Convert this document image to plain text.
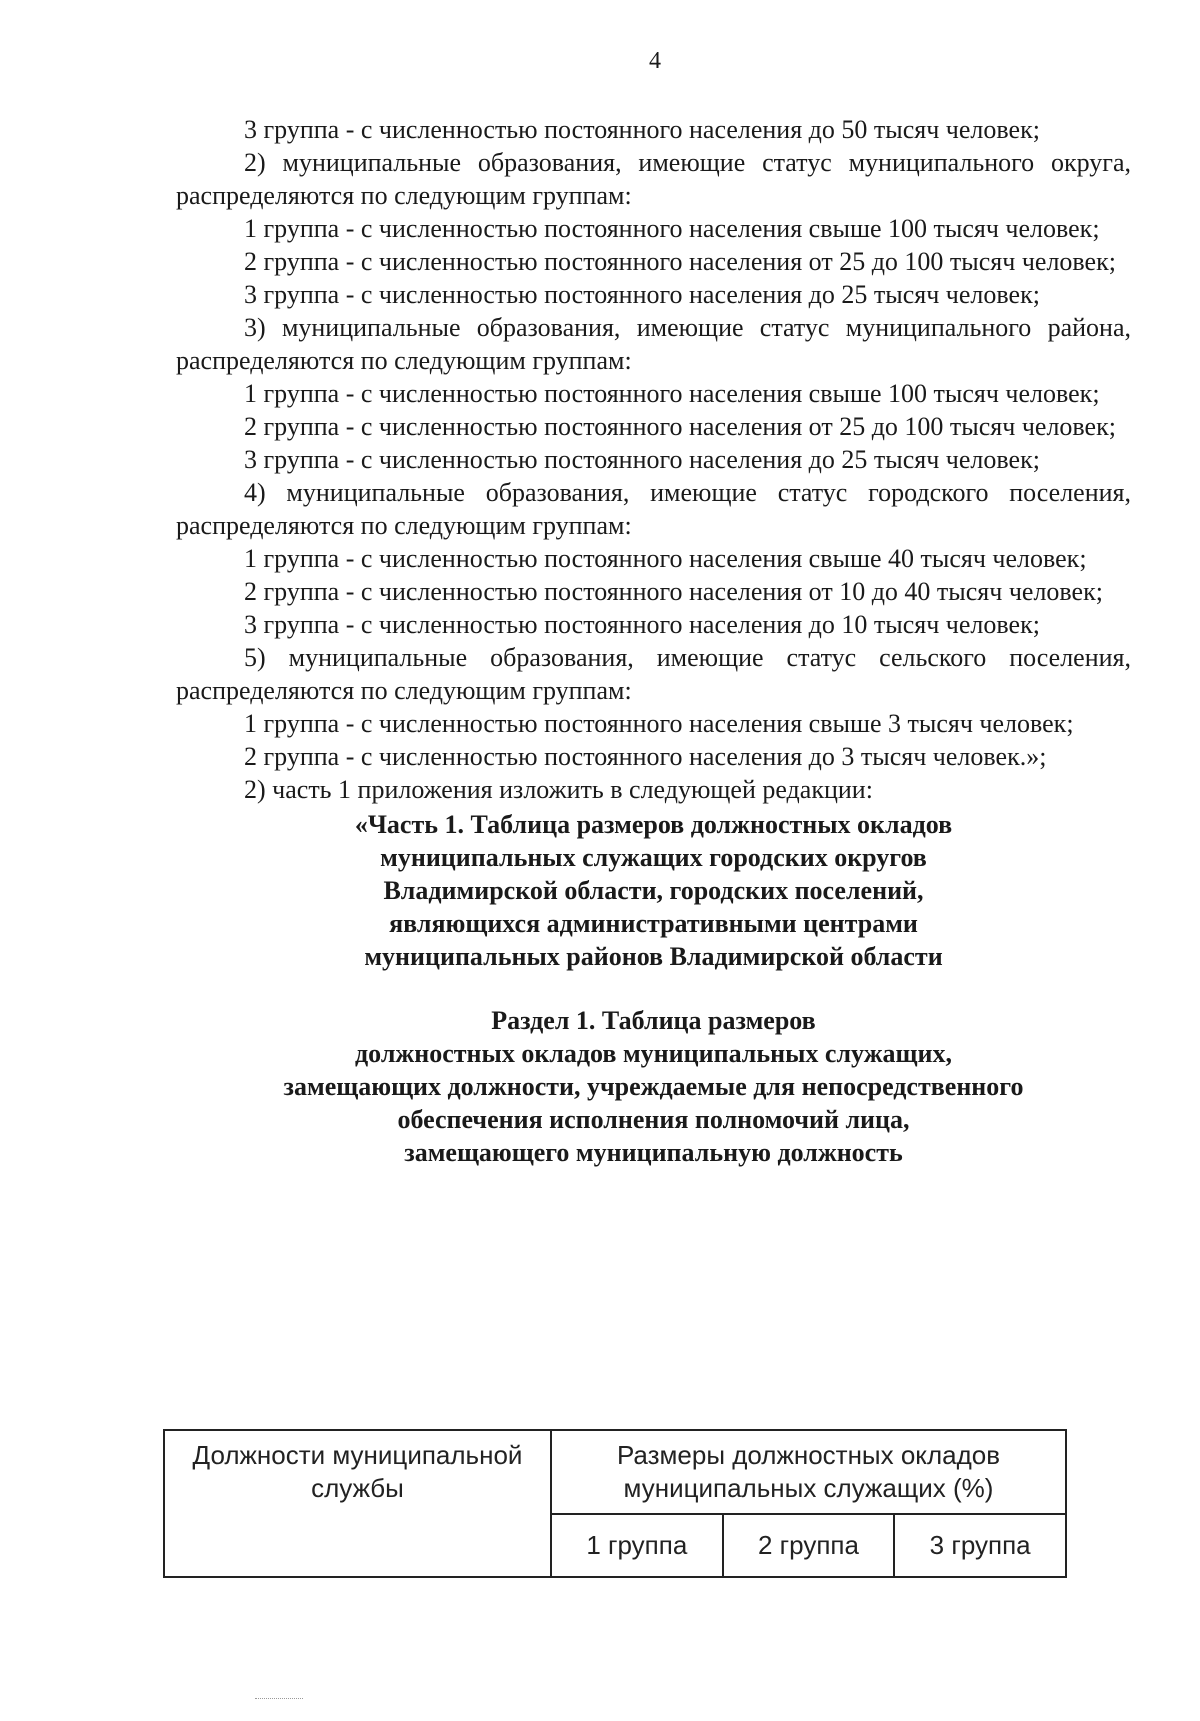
4

3 группа - с численностью постоянного населения до 50 тысяч человек;

2) муниципальные образования, имеющие статус муниципального округа, распределяются по следующим группам:

1 группа - с численностью постоянного населения свыше 100 тысяч человек;

2 группа - с численностью постоянного населения от 25 до 100 тысяч человек;

3 группа - с численностью постоянного населения до 25 тысяч человек;

3) муниципальные образования, имеющие статус муниципального района, распределяются по следующим группам:

1 группа - с численностью постоянного населения свыше 100 тысяч человек;

2 группа - с численностью постоянного населения от 25 до 100 тысяч человек;

3 группа - с численностью постоянного населения до 25 тысяч человек;

4) муниципальные образования, имеющие статус городского поселения, распределяются по следующим группам:

1 группа - с численностью постоянного населения свыше 40 тысяч человек;

2 группа - с численностью постоянного населения от 10 до 40 тысяч человек;

3 группа - с численностью постоянного населения до 10 тысяч человек;

5) муниципальные образования, имеющие статус сельского поселения, распределяются по следующим группам:

1 группа - с численностью постоянного населения свыше 3 тысяч человек;

2 группа - с численностью постоянного населения до 3 тысяч человек.»;

2) часть 1 приложения изложить в следующей редакции:

«Часть 1. Таблица размеров должностных окладов

муниципальных служащих городских округов

Владимирской области, городских поселений,

являющихся административными центрами

муниципальных районов Владимирской области

Раздел 1. Таблица размеров

должностных окладов муниципальных служащих,

замещающих должности, учреждаемые для непосредственного

обеспечения исполнения полномочий лица,

замещающего муниципальную должность

Должности муниципальной службы	Размеры должностных окладов муниципальных служащих (%)		
	1 группа	2 группа	3 группа
